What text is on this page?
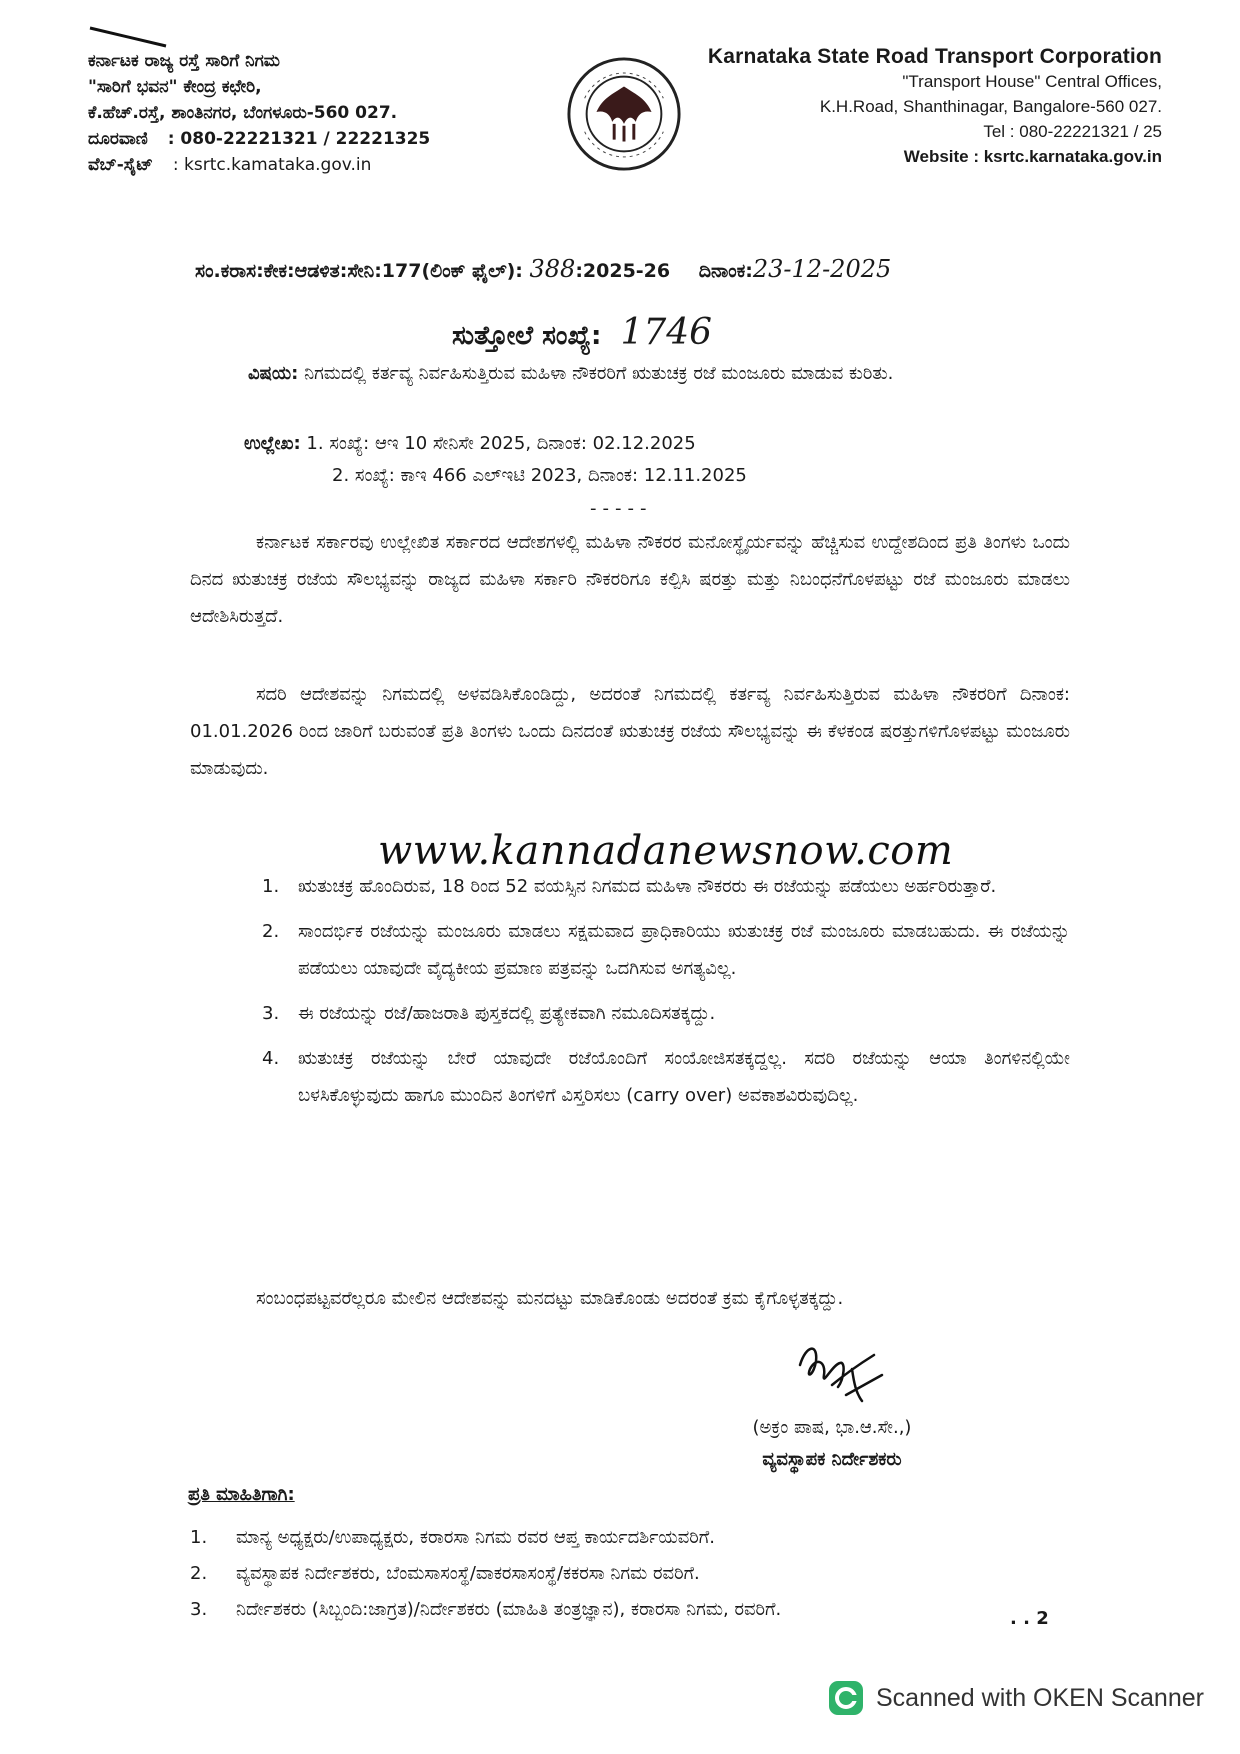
ಕರ್ನಾಟಕ ರಾಜ್ಯ ರಸ್ತೆ ಸಾರಿಗೆ ನಿಗಮ
"ಸಾರಿಗೆ ಭವನ" ಕೇಂದ್ರ ಕಛೇರಿ,
ಕೆ.ಹೆಚ್.ರಸ್ತೆ, ಶಾಂತಿನಗರ, ಬೆಂಗಳೂರು-560 027.
ದೂರವಾಣಿ : 080-22221321 / 22221325
ವೆಬ್-ಸೈಟ್ : ksrtc.kamataka.gov.in
Karnataka State Road Transport Corporation
"Transport House" Central Offices,
K.H.Road, Shanthinagar, Bangalore-560 027.
Tel : 080-22221321 / 25
Website : ksrtc.karnataka.gov.in
ಸಂ.ಕರಾಸ:ಕೇಕ:ಆಡಳಿತ:ಸೇನಿ:177(ಲಿಂಕ್ ಫೈಲ್): 388:2025-26 ದಿನಾಂಕ:23-12-2025
ಸುತ್ತೋಲೆ ಸಂಖ್ಯೆ: 1746
ವಿಷಯ: ನಿಗಮದಲ್ಲಿ ಕರ್ತವ್ಯ ನಿರ್ವಹಿಸುತ್ತಿರುವ ಮಹಿಳಾ ನೌಕರರಿಗೆ ಋತುಚಕ್ರ ರಜೆ ಮಂಜೂರು ಮಾಡುವ ಕುರಿತು.
ಉಲ್ಲೇಖ: 1. ಸಂಖ್ಯೆ: ಆಇ 10 ಸೇನಿಸೇ 2025, ದಿನಾಂಕ: 02.12.2025
2. ಸಂಖ್ಯೆ: ಕಾಇ 466 ಎಲ್ಇಟಿ 2023, ದಿನಾಂಕ: 12.11.2025
-----
ಕರ್ನಾಟಕ ಸರ್ಕಾರವು ಉಲ್ಲೇಖಿತ ಸರ್ಕಾರದ ಆದೇಶಗಳಲ್ಲಿ ಮಹಿಳಾ ನೌಕರರ ಮನೋಸ್ಥೈರ್ಯವನ್ನು ಹೆಚ್ಚಿಸುವ ಉದ್ದೇಶದಿಂದ ಪ್ರತಿ ತಿಂಗಳು ಒಂದು ದಿನದ ಋತುಚಕ್ರ ರಜೆಯ ಸೌಲಭ್ಯವನ್ನು ರಾಜ್ಯದ ಮಹಿಳಾ ಸರ್ಕಾರಿ ನೌಕರರಿಗೂ ಕಲ್ಪಿಸಿ ಷರತ್ತು ಮತ್ತು ನಿಬಂಧನೆಗೊಳಪಟ್ಟು ರಜೆ ಮಂಜೂರು ಮಾಡಲು ಆದೇಶಿಸಿರುತ್ತದೆ.
ಸದರಿ ಆದೇಶವನ್ನು ನಿಗಮದಲ್ಲಿ ಅಳವಡಿಸಿಕೊಂಡಿದ್ದು, ಅದರಂತೆ ನಿಗಮದಲ್ಲಿ ಕರ್ತವ್ಯ ನಿರ್ವಹಿಸುತ್ತಿರುವ ಮಹಿಳಾ ನೌಕರರಿಗೆ ದಿನಾಂಕ: 01.01.2026 ರಿಂದ ಜಾರಿಗೆ ಬರುವಂತೆ ಪ್ರತಿ ತಿಂಗಳು ಒಂದು ದಿನದಂತೆ ಋತುಚಕ್ರ ರಜೆಯ ಸೌಲಭ್ಯವನ್ನು ಈ ಕೆಳಕಂಡ ಷರತ್ತುಗಳಿಗೊಳಪಟ್ಟು ಮಂಜೂರು ಮಾಡುವುದು.
www.kannadanewsnow.com
1. ಋತುಚಕ್ರ ಹೊಂದಿರುವ, 18 ರಿಂದ 52 ವಯಸ್ಸಿನ ನಿಗಮದ ಮಹಿಳಾ ನೌಕರರು ಈ ರಜೆಯನ್ನು ಪಡೆಯಲು ಅರ್ಹರಿರುತ್ತಾರೆ.
2. ಸಾಂದರ್ಭಿಕ ರಜೆಯನ್ನು ಮಂಜೂರು ಮಾಡಲು ಸಕ್ಷಮವಾದ ಪ್ರಾಧಿಕಾರಿಯು ಋತುಚಕ್ರ ರಜೆ ಮಂಜೂರು ಮಾಡಬಹುದು. ಈ ರಜೆಯನ್ನು ಪಡೆಯಲು ಯಾವುದೇ ವೈದ್ಯಕೀಯ ಪ್ರಮಾಣ ಪತ್ರವನ್ನು ಒದಗಿಸುವ ಅಗತ್ಯವಿಲ್ಲ.
3. ಈ ರಜೆಯನ್ನು ರಜೆ/ಹಾಜರಾತಿ ಪುಸ್ತಕದಲ್ಲಿ ಪ್ರತ್ಯೇಕವಾಗಿ ನಮೂದಿಸತಕ್ಕದ್ದು.
4. ಋತುಚಕ್ರ ರಜೆಯನ್ನು ಬೇರೆ ಯಾವುದೇ ರಜೆಯೊಂದಿಗೆ ಸಂಯೋಜಿಸತಕ್ಕದ್ದಲ್ಲ. ಸದರಿ ರಜೆಯನ್ನು ಆಯಾ ತಿಂಗಳಿನಲ್ಲಿಯೇ ಬಳಸಿಕೊಳ್ಳುವುದು ಹಾಗೂ ಮುಂದಿನ ತಿಂಗಳಿಗೆ ವಿಸ್ತರಿಸಲು (carry over) ಅವಕಾಶವಿರುವುದಿಲ್ಲ.
ಸಂಬಂಧಪಟ್ಟವರೆಲ್ಲರೂ ಮೇಲಿನ ಆದೇಶವನ್ನು ಮನದಟ್ಟು ಮಾಡಿಕೊಂಡು ಅದರಂತೆ ಕ್ರಮ ಕೈಗೊಳ್ಳತಕ್ಕದ್ದು.
(ಅಕ್ರಂ ಪಾಷ, ಭಾ.ಆ.ಸೇ.,)
ವ್ಯವಸ್ಥಾಪಕ ನಿರ್ದೇಶಕರು
ಪ್ರತಿ ಮಾಹಿತಿಗಾಗಿ:
1. ಮಾನ್ಯ ಅಧ್ಯಕ್ಷರು/ಉಪಾಧ್ಯಕ್ಷರು, ಕರಾರಸಾ ನಿಗಮ ರವರ ಆಪ್ತ ಕಾರ್ಯದರ್ಶಿಯವರಿಗೆ.
2. ವ್ಯವಸ್ಥಾಪಕ ನಿರ್ದೇಶಕರು, ಬೆಂಮಸಾಸಂಸ್ಥೆ/ವಾಕರಸಾಸಂಸ್ಥೆ/ಕಕರಸಾ ನಿಗಮ ರವರಿಗೆ.
3. ನಿರ್ದೇಶಕರು (ಸಿಬ್ಬಂದಿ:ಜಾಗ್ರತ)/ನಿರ್ದೇಶಕರು (ಮಾಹಿತಿ ತಂತ್ರಜ್ಞಾನ), ಕರಾರಸಾ ನಿಗಮ, ರವರಿಗೆ.	. . 2
Scanned with OKEN Scanner
